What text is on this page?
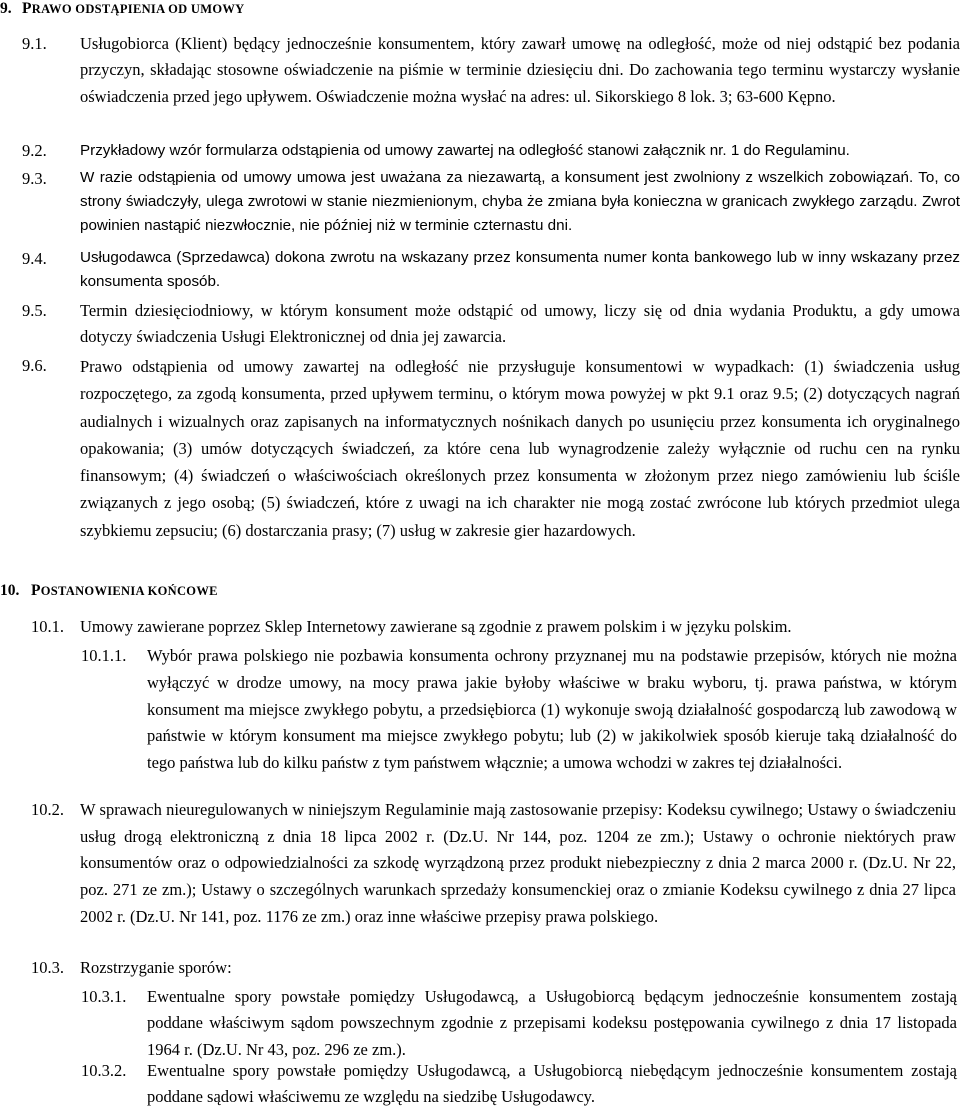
9. PRAWO ODSTĄPIENIA OD UMOWY
9.1. Usługobiorca (Klient) będący jednocześnie konsumentem, który zawarł umowę na odległość, może od niej odstąpić bez podania przyczyn, składając stosowne oświadczenie na piśmie w terminie dziesięciu dni. Do zachowania tego terminu wystarczy wysłanie oświadczenia przed jego upływem. Oświadczenie można wysłać na adres: ul. Sikorskiego 8 lok. 3; 63-600 Kępno.
9.2. Przykładowy wzór formularza odstąpienia od umowy zawartej na odległość stanowi załącznik nr. 1 do Regulaminu.
9.3. W razie odstąpienia od umowy umowa jest uważana za niezawartą, a konsument jest zwolniony z wszelkich zobowiązań. To, co strony świadczyły, ulega zwrotowi w stanie niezmienionym, chyba że zmiana była konieczna w granicach zwykłego zarządu. Zwrot powinien nastąpić niezwłocznie, nie później niż w terminie czternastu dni.
9.4. Usługodawca (Sprzedawca) dokona zwrotu na wskazany przez konsumenta numer konta bankowego lub w inny wskazany przez konsumenta sposób.
9.5. Termin dziesięciodniowy, w którym konsument może odstąpić od umowy, liczy się od dnia wydania Produktu, a gdy umowa dotyczy świadczenia Usługi Elektronicznej od dnia jej zawarcia.
9.6. Prawo odstąpienia od umowy zawartej na odległość nie przysługuje konsumentowi w wypadkach: (1) świadczenia usług rozpoczętego, za zgodą konsumenta, przed upływem terminu, o którym mowa powyżej w pkt 9.1 oraz 9.5; (2) dotyczących nagrań audialnych i wizualnych oraz zapisanych na informatycznych nośnikach danych po usunięciu przez konsumenta ich oryginalnego opakowania; (3) umów dotyczących świadczeń, za które cena lub wynagrodzenie zależy wyłącznie od ruchu cen na rynku finansowym; (4) świadczeń o właściwościach określonych przez konsumenta w złożonym przez niego zamówieniu lub ściśle związanych z jego osobą; (5) świadczeń, które z uwagi na ich charakter nie mogą zostać zwrócone lub których przedmiot ulega szybkiemu zepsuciu; (6) dostarczania prasy; (7) usług w zakresie gier hazardowych.
10. POSTANOWIENIA KOŃCOWE
10.1. Umowy zawierane poprzez Sklep Internetowy zawierane są zgodnie z prawem polskim i w języku polskim.
10.1.1. Wybór prawa polskiego nie pozbawia konsumenta ochrony przyznanej mu na podstawie przepisów, których nie można wyłączyć w drodze umowy, na mocy prawa jakie byłoby właściwe w braku wyboru, tj. prawa państwa, w którym konsument ma miejsce zwykłego pobytu, a przedsiębiorca (1) wykonuje swoją działalność gospodarczą lub zawodową w państwie w którym konsument ma miejsce zwykłego pobytu; lub (2) w jakikolwiek sposób kieruje taką działalność do tego państwa lub do kilku państw z tym państwem włącznie; a umowa wchodzi w zakres tej działalności.
10.2. W sprawach nieuregulowanych w niniejszym Regulaminie mają zastosowanie przepisy: Kodeksu cywilnego; Ustawy o świadczeniu usług drogą elektroniczną z dnia 18 lipca 2002 r. (Dz.U. Nr 144, poz. 1204 ze zm.); Ustawy o ochronie niektórych praw konsumentów oraz o odpowiedzialności za szkodę wyrządzoną przez produkt niebezpieczny z dnia 2 marca 2000 r. (Dz.U. Nr 22, poz. 271 ze zm.); Ustawy o szczególnych warunkach sprzedaży konsumenckiej oraz o zmianie Kodeksu cywilnego z dnia 27 lipca 2002 r. (Dz.U. Nr 141, poz. 1176 ze zm.) oraz inne właściwe przepisy prawa polskiego.
10.3. Rozstrzyganie sporów:
10.3.1. Ewentualne spory powstałe pomiędzy Usługodawcą, a Usługobiorcą będącym jednocześnie konsumentem zostają poddane właściwym sądom powszechnym zgodnie z przepisami kodeksu postępowania cywilnego z dnia 17 listopada 1964 r. (Dz.U. Nr 43, poz. 296 ze zm.).
10.3.2. Ewentualne spory powstałe pomiędzy Usługodawcą, a Usługobiorcą niebędącym jednocześnie konsumentem zostają poddane sądowi właściwemu ze względu na siedzibę Usługodawcy.
